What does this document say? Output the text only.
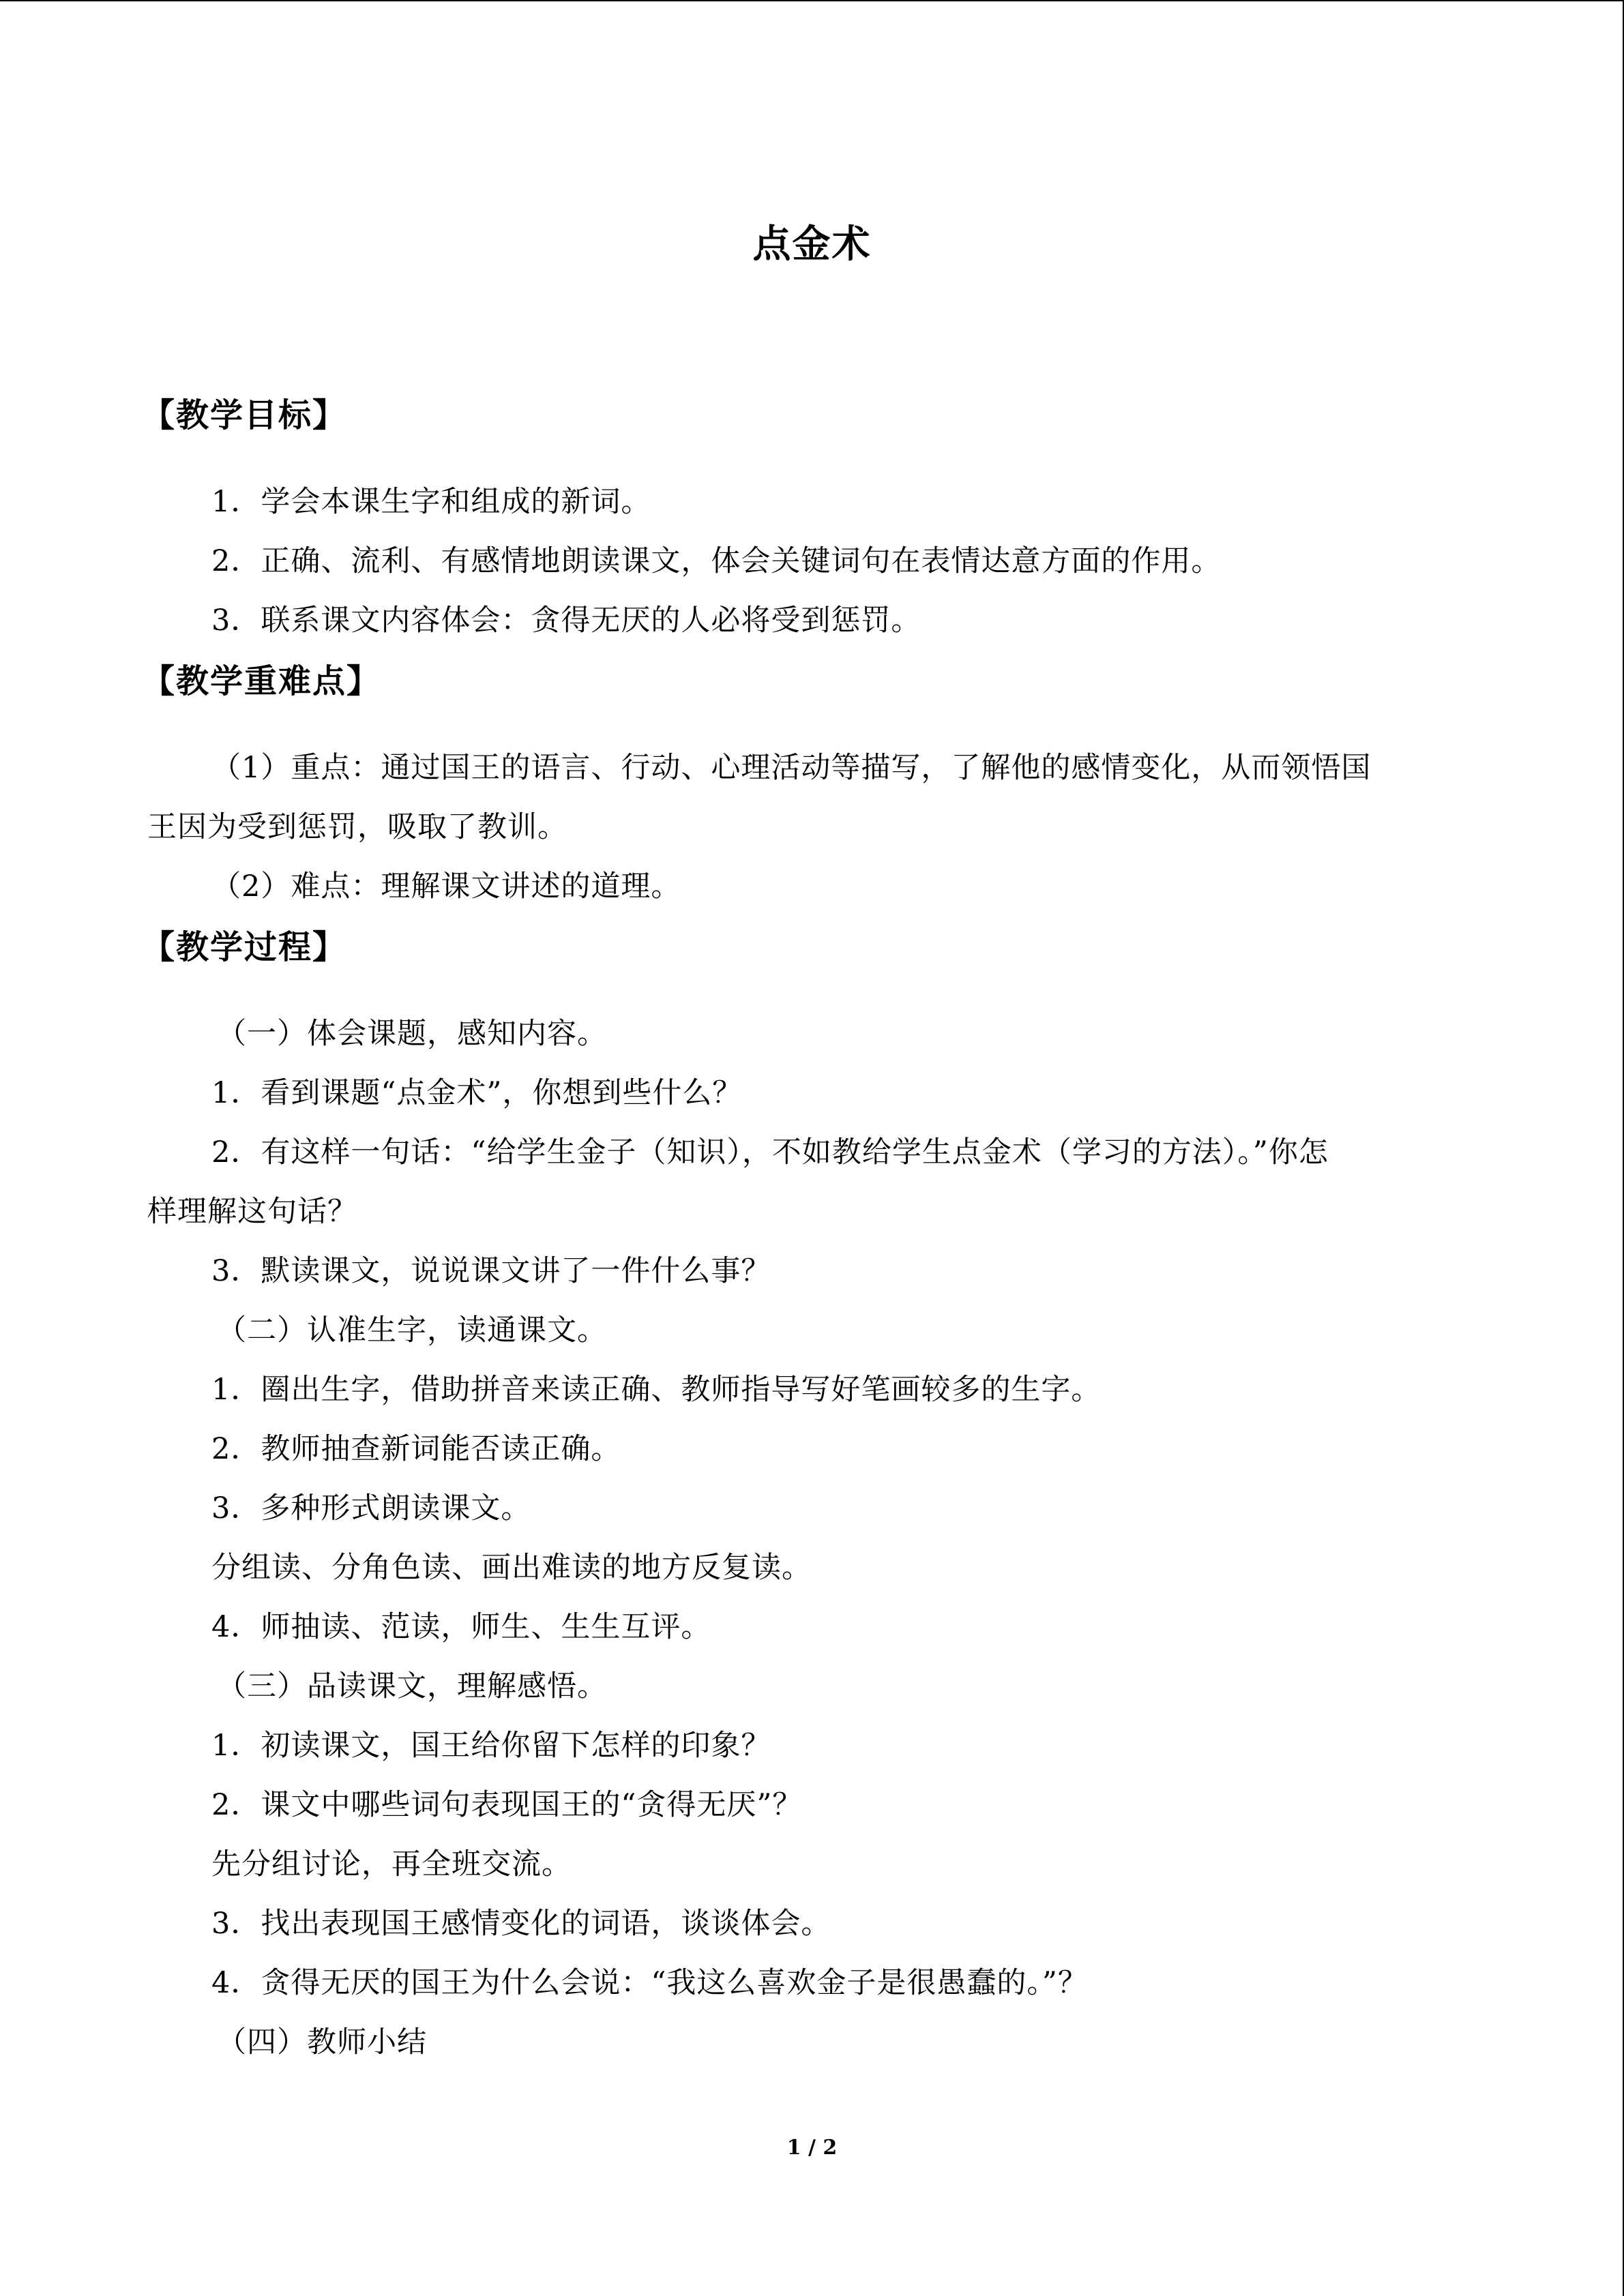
点金术
【教学目标】
1．学会本课生字和组成的新词。
2．正确、流利、有感情地朗读课文，体会关键词句在表情达意方面的作用。
3．联系课文内容体会：贪得无厌的人必将受到惩罚。
【教学重难点】
（1）重点：通过国王的语言、行动、心理活动等描写，了解他的感情变化，从而领悟国
王因为受到惩罚，吸取了教训。
（2）难点：理解课文讲述的道理。
【教学过程】
（一）体会课题，感知内容。
1．看到课题“点金术”，你想到些什么？
2．有这样一句话：“给学生金子（知识），不如教给学生点金术（学习的方法）。”你怎
样理解这句话？
3．默读课文，说说课文讲了一件什么事？
（二）认准生字，读通课文。
1．圈出生字，借助拼音来读正确、教师指导写好笔画较多的生字。
2．教师抽查新词能否读正确。
3．多种形式朗读课文。
分组读、分角色读、画出难读的地方反复读。
4．师抽读、范读，师生、生生互评。
（三）品读课文，理解感悟。
1．初读课文，国王给你留下怎样的印象？
2．课文中哪些词句表现国王的“贪得无厌”？
先分组讨论，再全班交流。
3．找出表现国王感情变化的词语，谈谈体会。
4．贪得无厌的国王为什么会说：“我这么喜欢金子是很愚蠢的。”？
（四）教师小结
1 / 2
